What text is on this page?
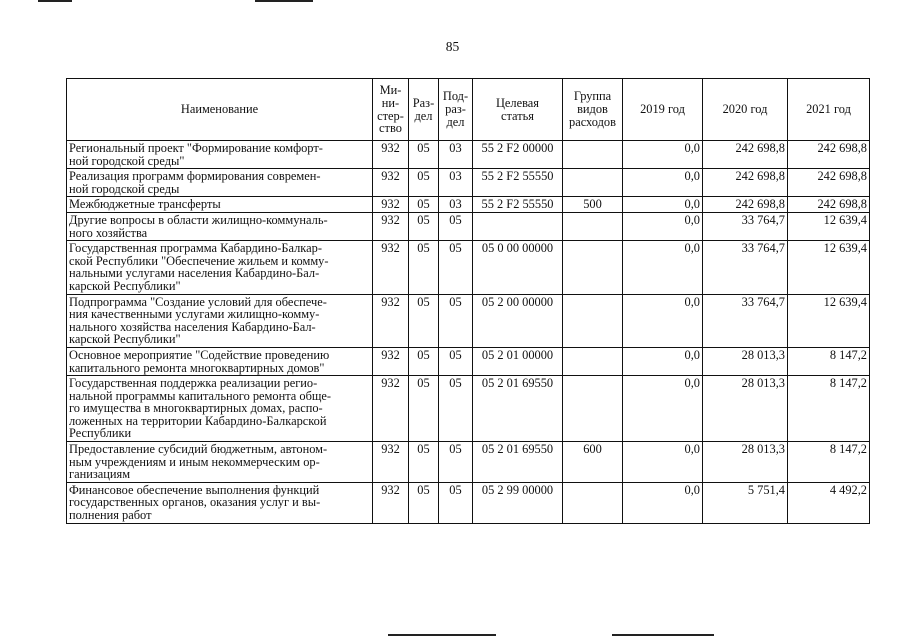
85
Наименование	Ми-
ни-
стер-
ство	Раз-
дел	Под-
раз-
дел	Целевая
статья	Группа
видов
расходов	2019 год	2020 год	2021 год
Региональный проект "Формирование комфорт-
ной городской среды"	932	05	03	55 2 F2 00000		0,0	242 698,8	242 698,8
Реализация программ формирования современ-
ной городской среды	932	05	03	55 2 F2 55550		0,0	242 698,8	242 698,8
Межбюджетные трансферты	932	05	03	55 2 F2 55550	500	0,0	242 698,8	242 698,8
Другие вопросы в области жилищно-коммуналь-
ного хозяйства	932	05	05			0,0	33 764,7	12 639,4
Государственная программа Кабардино-Балкар-
ской Республики "Обеспечение жильем и комму-
нальными услугами населения Кабардино-Бал-
карской Республики"	932	05	05	05 0 00 00000		0,0	33 764,7	12 639,4
Подпрограмма "Создание условий для обеспече-
ния качественными услугами жилищно-комму-
нального хозяйства населения Кабардино-Бал-
карской Республики"	932	05	05	05 2 00 00000		0,0	33 764,7	12 639,4
Основное мероприятие "Содействие проведению
капитального ремонта многоквартирных домов"	932	05	05	05 2 01 00000		0,0	28 013,3	8 147,2
Государственная поддержка реализации регио-
нальной программы капитального ремонта обще-
го имущества в многоквартирных домах, распо-
ложенных на территории Кабардино-Балкарской
Республики	932	05	05	05 2 01 69550		0,0	28 013,3	8 147,2
Предоставление субсидий бюджетным, автоном-
ным учреждениям и иным некоммерческим ор-
ганизациям	932	05	05	05 2 01 69550	600	0,0	28 013,3	8 147,2
Финансовое обеспечение выполнения функций
государственных органов, оказания услуг и вы-
полнения работ	932	05	05	05 2 99 00000		0,0	5 751,4	4 492,2
